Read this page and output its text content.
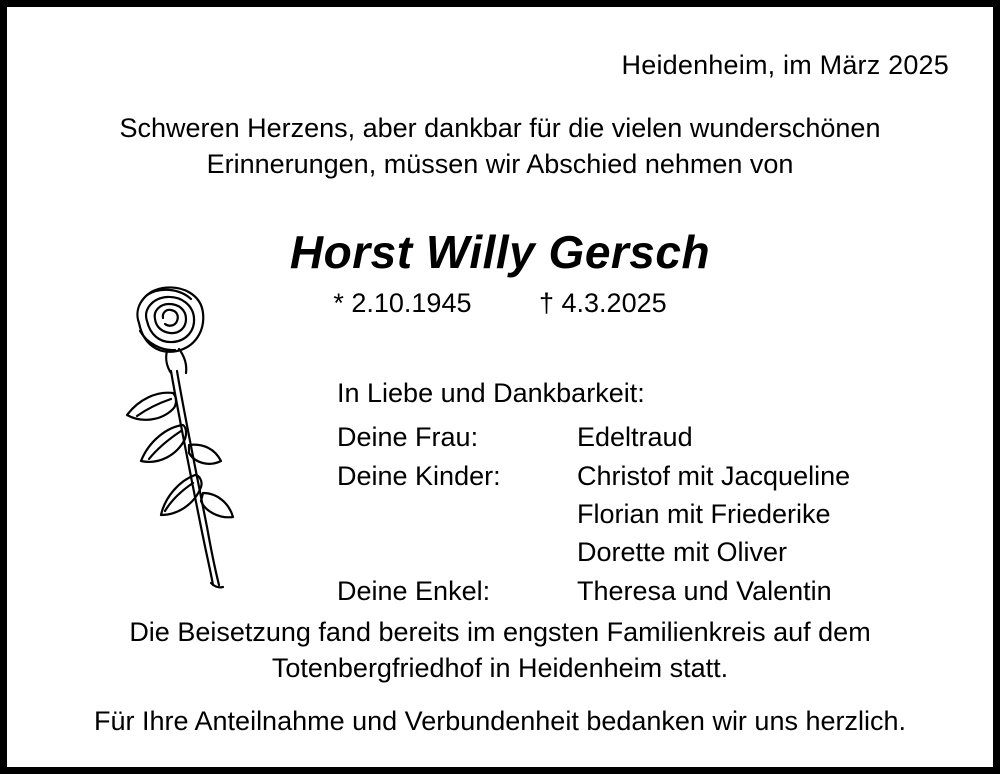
Heidenheim, im März 2025
Schweren Herzens, aber dankbar für die vielen wunderschönen
Erinnerungen, müssen wir Abschied nehmen von
Horst Willy Gersch
* 2.10.1945	† 4.3.2025
In Liebe und Dankbarkeit:
Deine Frau:	Edeltraud
Deine Kinder:	Christof mit Jacqueline
Florian mit Friederike
Dorette mit Oliver
Deine Enkel:	Theresa und Valentin
Die Beisetzung fand bereits im engsten Familienkreis auf dem
Totenbergfriedhof in Heidenheim statt.
Für Ihre Anteilnahme und Verbundenheit bedanken wir uns herzlich.
